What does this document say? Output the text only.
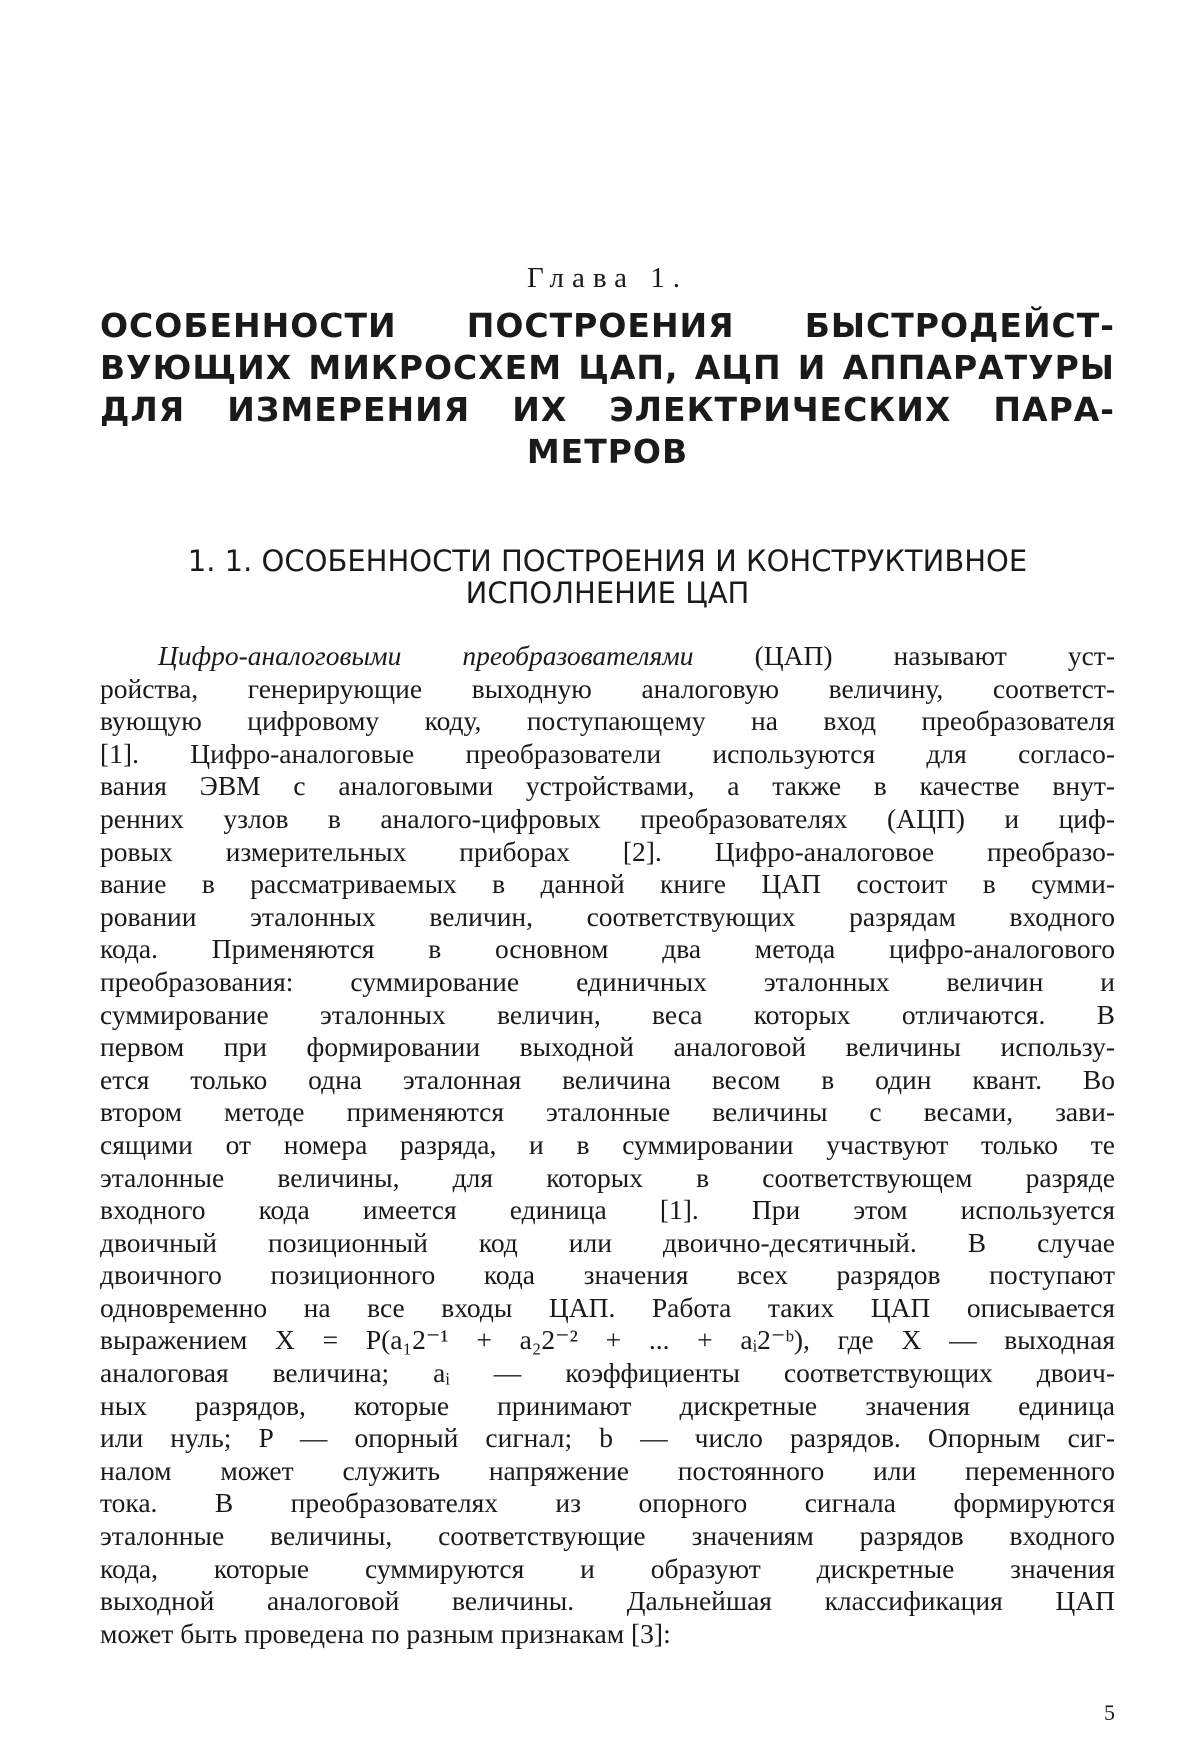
Глава 1.
ОСОБЕННОСТИ ПОСТРОЕНИЯ БЫСТРОДЕЙСТ-
ВУЮЩИХ МИКРОСХЕМ ЦАП, АЦП И АППАРАТУРЫ
ДЛЯ ИЗМЕРЕНИЯ ИХ ЭЛЕКТРИЧЕСКИХ ПАРА-
МЕТРОВ
1. 1. ОСОБЕННОСТИ ПОСТРОЕНИЯ И КОНСТРУКТИВНОЕ
ИСПОЛНЕНИЕ ЦАП
Цифро-аналоговыми преобразователями (ЦАП) называют уст-
ройства, генерирующие выходную аналоговую величину, соответст-
вующую цифровому коду, поступающему на вход преобразователя
[1]. Цифро-аналоговые преобразователи используются для согласо-
вания ЭВМ с аналоговыми устройствами, а также в качестве внут-
ренних узлов в аналого-цифровых преобразователях (АЦП) и циф-
ровых измерительных приборах [2]. Цифро-аналоговое преобразо-
вание в рассматриваемых в данной книге ЦАП состоит в сумми-
ровании эталонных величин, соответствующих разрядам входного
кода. Применяются в основном два метода цифро-аналогового
преобразования: суммирование единичных эталонных величин и
суммирование эталонных величин, веса которых отличаются. В
первом при формировании выходной аналоговой величины использу-
ется только одна эталонная величина весом в один квант. Во
втором методе применяются эталонные величины с весами, зави-
сящими от номера разряда, и в суммировании участвуют только те
эталонные величины, для которых в соответствующем разряде
входного кода имеется единица [1]. При этом используется
двоичный позиционный код или двоично-десятичный. В случае
двоичного позиционного кода значения всех разрядов поступают
одновременно на все входы ЦАП. Работа таких ЦАП описывается
выражением X = P(a₁2⁻¹ + a₂2⁻² + ... + aᵢ2⁻ᵇ), где X — выходная
аналоговая величина; aᵢ — коэффициенты соответствующих двоич-
ных разрядов, которые принимают дискретные значения единица
или нуль; P — опорный сигнал; b — число разрядов. Опорным сиг-
налом может служить напряжение постоянного или переменного
тока. В преобразователях из опорного сигнала формируются
эталонные величины, соответствующие значениям разрядов входного
кода, которые суммируются и образуют дискретные значения
выходной аналоговой величины. Дальнейшая классификация ЦАП
может быть проведена по разным признакам [3]:
5
